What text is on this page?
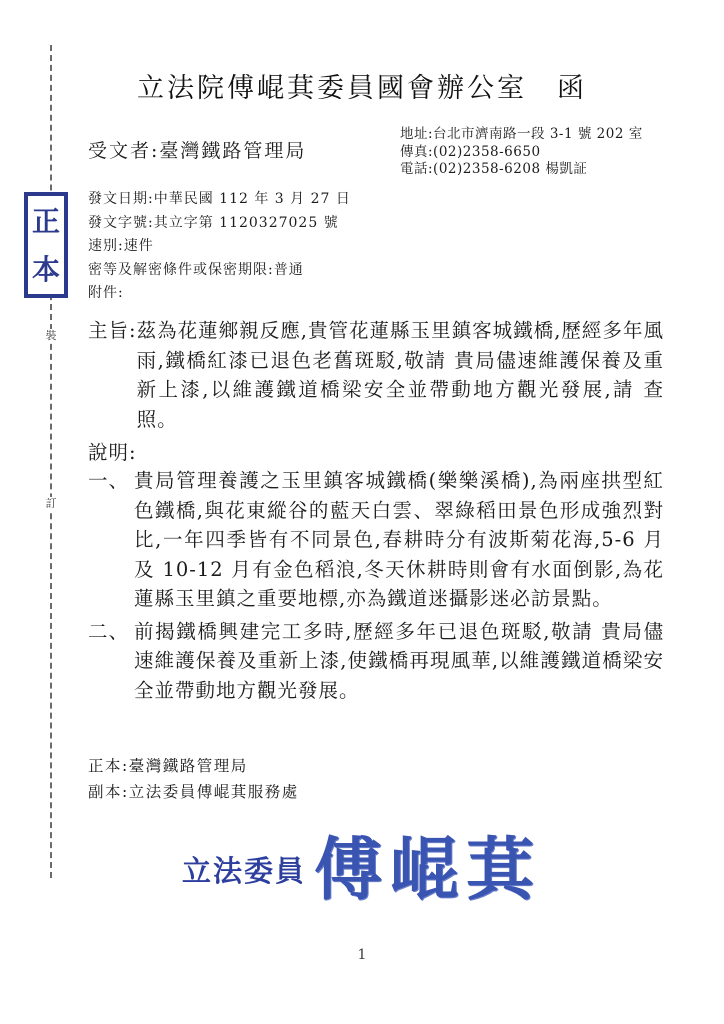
裝
訂
正
本
立法院傅崐萁委員國會辦公室　函
受文者:臺灣鐵路管理局
地址:台北市濟南路一段 3-1 號 202 室
傳真:(02)2358-6650
電話:(02)2358-6208 楊凱証
發文日期:中華民國 112 年 3 月 27 日
發文字號:其立字第 1120327025 號
速別:速件
密等及解密條件或保密期限:普通
附件:
主旨: 茲為花蓮鄉親反應,貴管花蓮縣玉里鎮客城鐵橋,歷經多年風雨,鐵橋紅漆已退色老舊斑駁,敬請 貴局儘速維護保養及重新上漆,以維護鐵道橋梁安全並帶動地方觀光發展,請 查照。
說明:
一、 貴局管理養護之玉里鎮客城鐵橋(樂樂溪橋),為兩座拱型紅色鐵橋,與花東縱谷的藍天白雲、翠綠稻田景色形成強烈對比,一年四季皆有不同景色,春耕時分有波斯菊花海,5-6 月及 10-12 月有金色稻浪,冬天休耕時則會有水面倒影,為花蓮縣玉里鎮之重要地標,亦為鐵道迷攝影迷必訪景點。
二、 前揭鐵橋興建完工多時,歷經多年已退色斑駁,敬請 貴局儘速維護保養及重新上漆,使鐵橋再現風華,以維護鐵道橋梁安全並帶動地方觀光發展。
正本:臺灣鐵路管理局
副本:立法委員傅崐萁服務處
立法委員 傅崐萁
1
